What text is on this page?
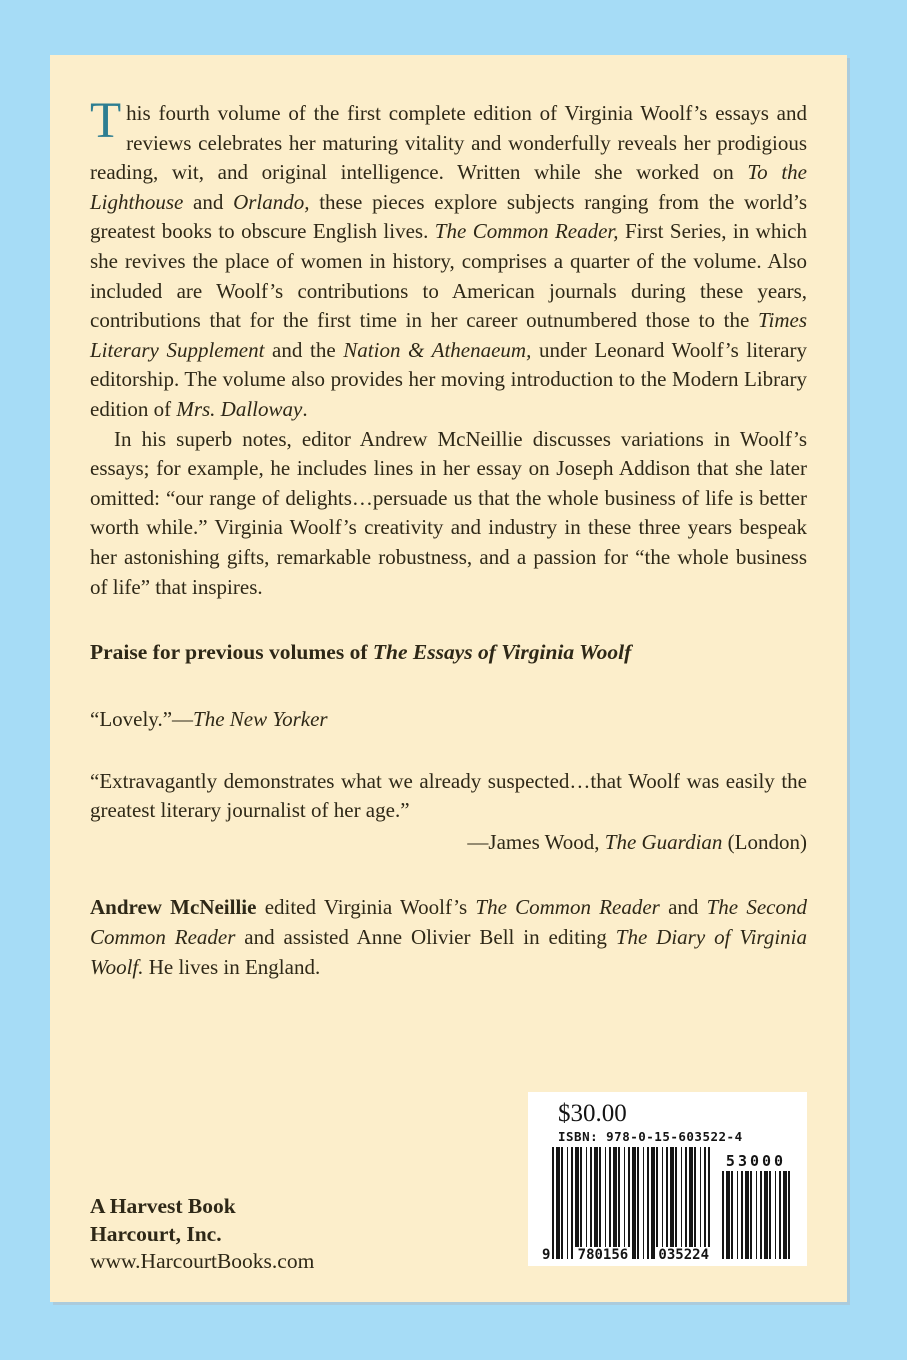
This fourth volume of the first complete edition of Virginia Woolf’s essays and reviews celebrates her maturing vitality and wonderfully reveals her prodigious reading, wit, and original intelligence. Written while she worked on To the Lighthouse and Orlando, these pieces explore subjects ranging from the world’s greatest books to obscure English lives. The Common Reader, First Series, in which she revives the place of women in history, comprises a quarter of the volume. Also included are Woolf’s contributions to American journals during these years, contributions that for the first time in her career outnumbered those to the Times Literary Supplement and the Nation & Athenaeum, under Leonard Woolf’s literary editorship. The volume also provides her moving introduction to the Modern Library edition of Mrs. Dalloway.

In his superb notes, editor Andrew McNeillie discusses variations in Woolf’s essays; for example, he includes lines in her essay on Joseph Addison that she later omitted: “our range of delights…persuade us that the whole business of life is better worth while.” Virginia Woolf’s creativity and industry in these three years bespeak her astonishing gifts, remarkable robustness, and a passion for “the whole business of life” that inspires.

Praise for previous volumes of The Essays of Virginia Woolf

“Lovely.”—The New Yorker

“Extravagantly demonstrates what we already suspected…that Woolf was easily the greatest literary journalist of her age.”

—James Wood, The Guardian (London)

Andrew McNeillie edited Virginia Woolf’s The Common Reader and The Second Common Reader and assisted Anne Olivier Bell in editing The Diary of Virginia Woolf. He lives in England.

A Harvest Book
Harcourt, Inc.
www.HarcourtBooks.com
$30.00
ISBN: 978-0-15-603522-4
9 780156 035224
53000
